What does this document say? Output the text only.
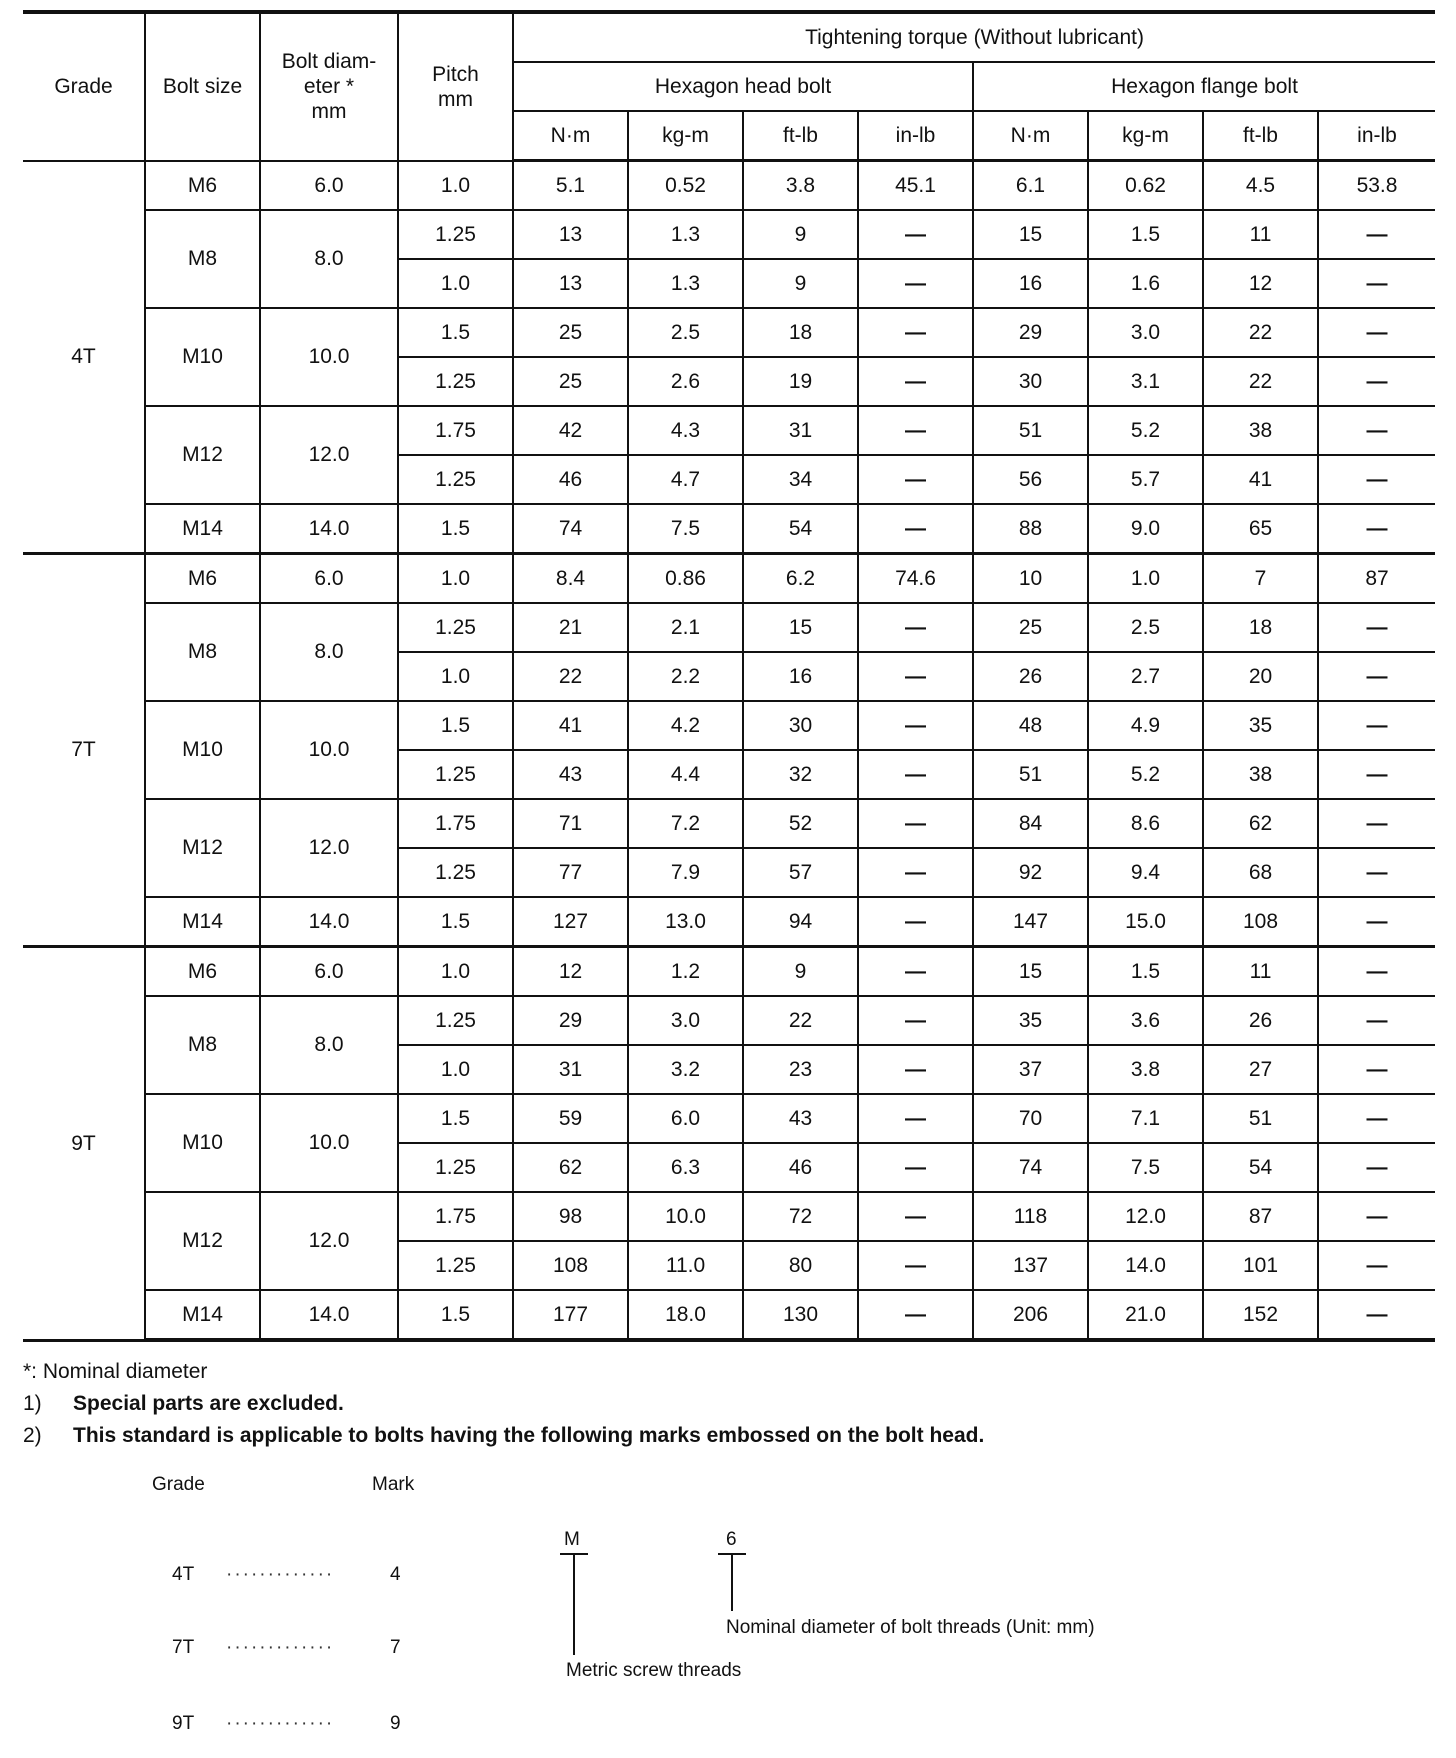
Grade	Bolt size	Bolt diam-
eter *
mm	Pitch
mm	Tightening torque (Without lubricant)							
				Hexagon head bolt				Hexagon flange bolt			
				N·m	kg-m	ft-lb	in-lb	N·m	kg-m	ft-lb	in-lb
4T	M6	6.0	1.0	5.1	0.52	3.8	45.1	6.1	0.62	4.5	53.8
	M8	8.0	1.25	13	1.3	9	—	15	1.5	11	—
			1.0	13	1.3	9	—	16	1.6	12	—
	M10	10.0	1.5	25	2.5	18	—	29	3.0	22	—
			1.25	25	2.6	19	—	30	3.1	22	—
	M12	12.0	1.75	42	4.3	31	—	51	5.2	38	—
			1.25	46	4.7	34	—	56	5.7	41	—
	M14	14.0	1.5	74	7.5	54	—	88	9.0	65	—
7T	M6	6.0	1.0	8.4	0.86	6.2	74.6	10	1.0	7	87
	M8	8.0	1.25	21	2.1	15	—	25	2.5	18	—
			1.0	22	2.2	16	—	26	2.7	20	—
	M10	10.0	1.5	41	4.2	30	—	48	4.9	35	—
			1.25	43	4.4	32	—	51	5.2	38	—
	M12	12.0	1.75	71	7.2	52	—	84	8.6	62	—
			1.25	77	7.9	57	—	92	9.4	68	—
	M14	14.0	1.5	127	13.0	94	—	147	15.0	108	—
9T	M6	6.0	1.0	12	1.2	9	—	15	1.5	11	—
	M8	8.0	1.25	29	3.0	22	—	35	3.6	26	—
			1.0	31	3.2	23	—	37	3.8	27	—
	M10	10.0	1.5	59	6.0	43	—	70	7.1	51	—
			1.25	62	6.3	46	—	74	7.5	54	—
	M12	12.0	1.75	98	10.0	72	—	118	12.0	87	—
			1.25	108	11.0	80	—	137	14.0	101	—
	M14	14.0	1.5	177	18.0	130	—	206	21.0	152	—
*: Nominal diameter
1)	Special parts are excluded.
2)	This standard is applicable to bolts having the following marks embossed on the bolt head.
Grade	Mark
4T ·············	4
7T ·············	7
9T ·············	9
M
Metric screw threads
6
Nominal diameter of bolt threads (Unit: mm)
